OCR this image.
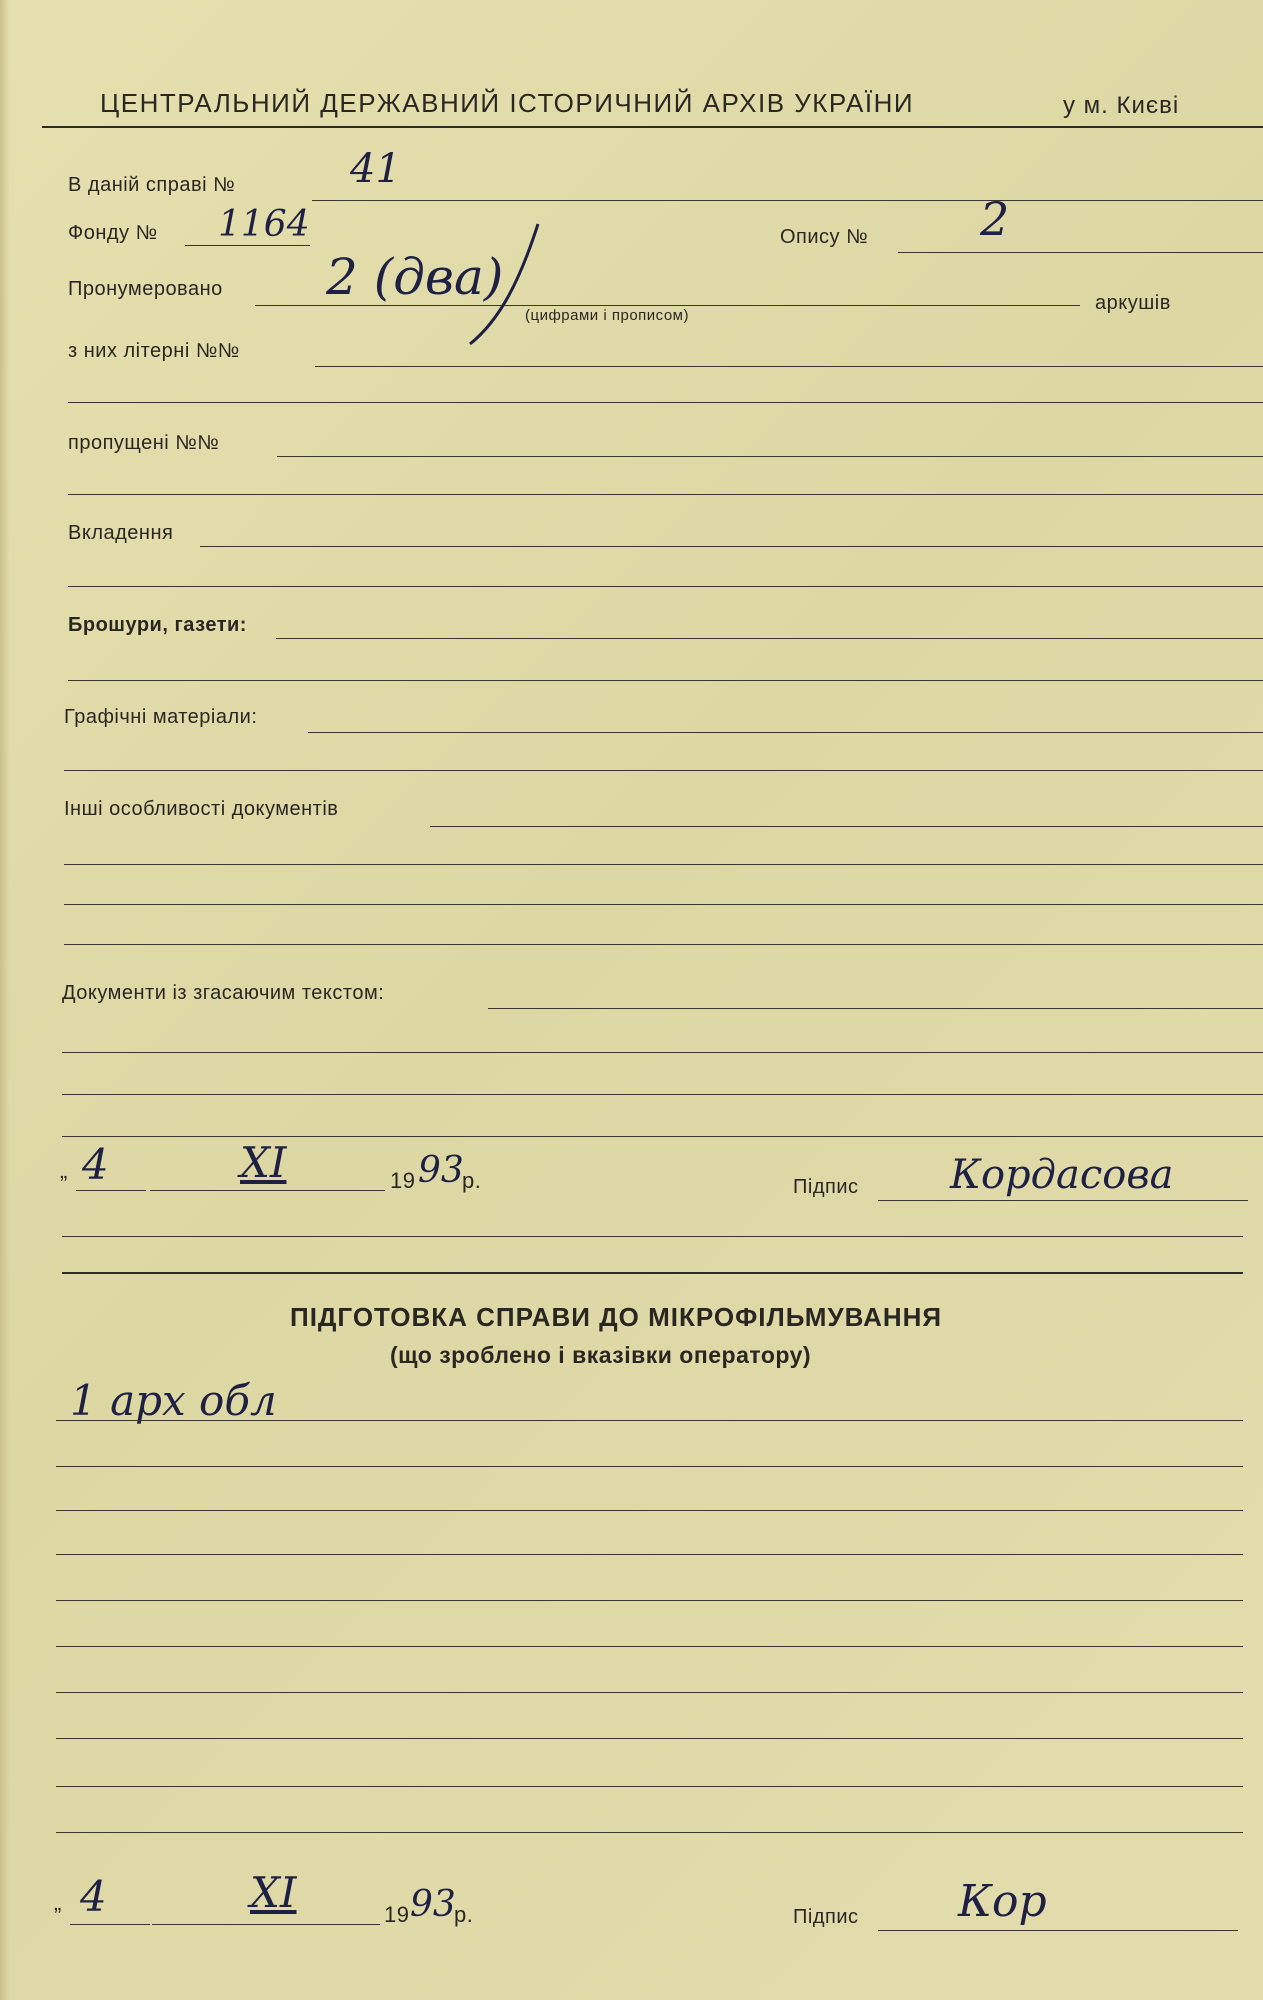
ЦЕНТРАЛЬНИЙ ДЕРЖАВНИЙ ІСТОРИЧНИЙ АРХІВ УКРАЇНИ	у м. Києві
В даній справі №	41
Фонду № 1164	Опису № 2
Пронумеровано 2 (два)
(цифрами і прописом)
аркушів
з них літерні №№
пропущені №№
Вкладення
Брошури, газети:
Графічні матеріали:
Інші особливості документів
Документи із згасаючим текстом:
„ 4	XI	19 93
р.	Підпис Кордасова
ПІДГОТОВКА СПРАВИ ДО МІКРОФІЛЬМУВАННЯ
(що зроблено і вказівки оператору)
1 арх обл
„ 4	XI	19 93
р.	Підпис Кор
